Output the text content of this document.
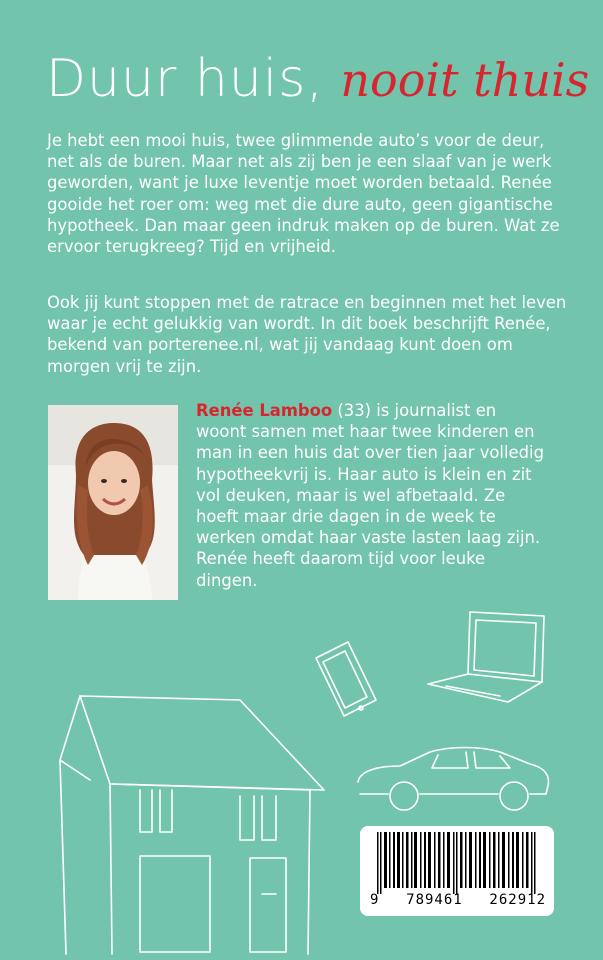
Duur huis, nooit thuis

Je hebt een mooi huis, twee glimmende auto’s voor de deur, net als de buren. Maar net als zij ben je een slaaf van je werk geworden, want je luxe leventje moet worden betaald. Renée gooide het roer om: weg met die dure auto, geen gigantische hypotheek. Dan maar geen indruk maken op de buren. Wat ze ervoor terugkreeg? Tijd en vrijheid.

Ook jij kunt stoppen met de ratrace en beginnen met het leven waar je echt gelukkig van wordt. In dit boek beschrijft Renée, bekend van porterenee.nl, wat jij vandaag kunt doen om morgen vrij te zijn.

Renée Lamboo (33) is journalist en woont samen met haar twee kinderen en man in een huis dat over tien jaar volledig hypotheekvrij is. Haar auto is klein en zit vol deuken, maar is wel afbetaald. Ze hoeft maar drie dagen in de week te werken omdat haar vaste lasten laag zijn. Renée heeft daarom tijd voor leuke dingen.

9 789461 262912
